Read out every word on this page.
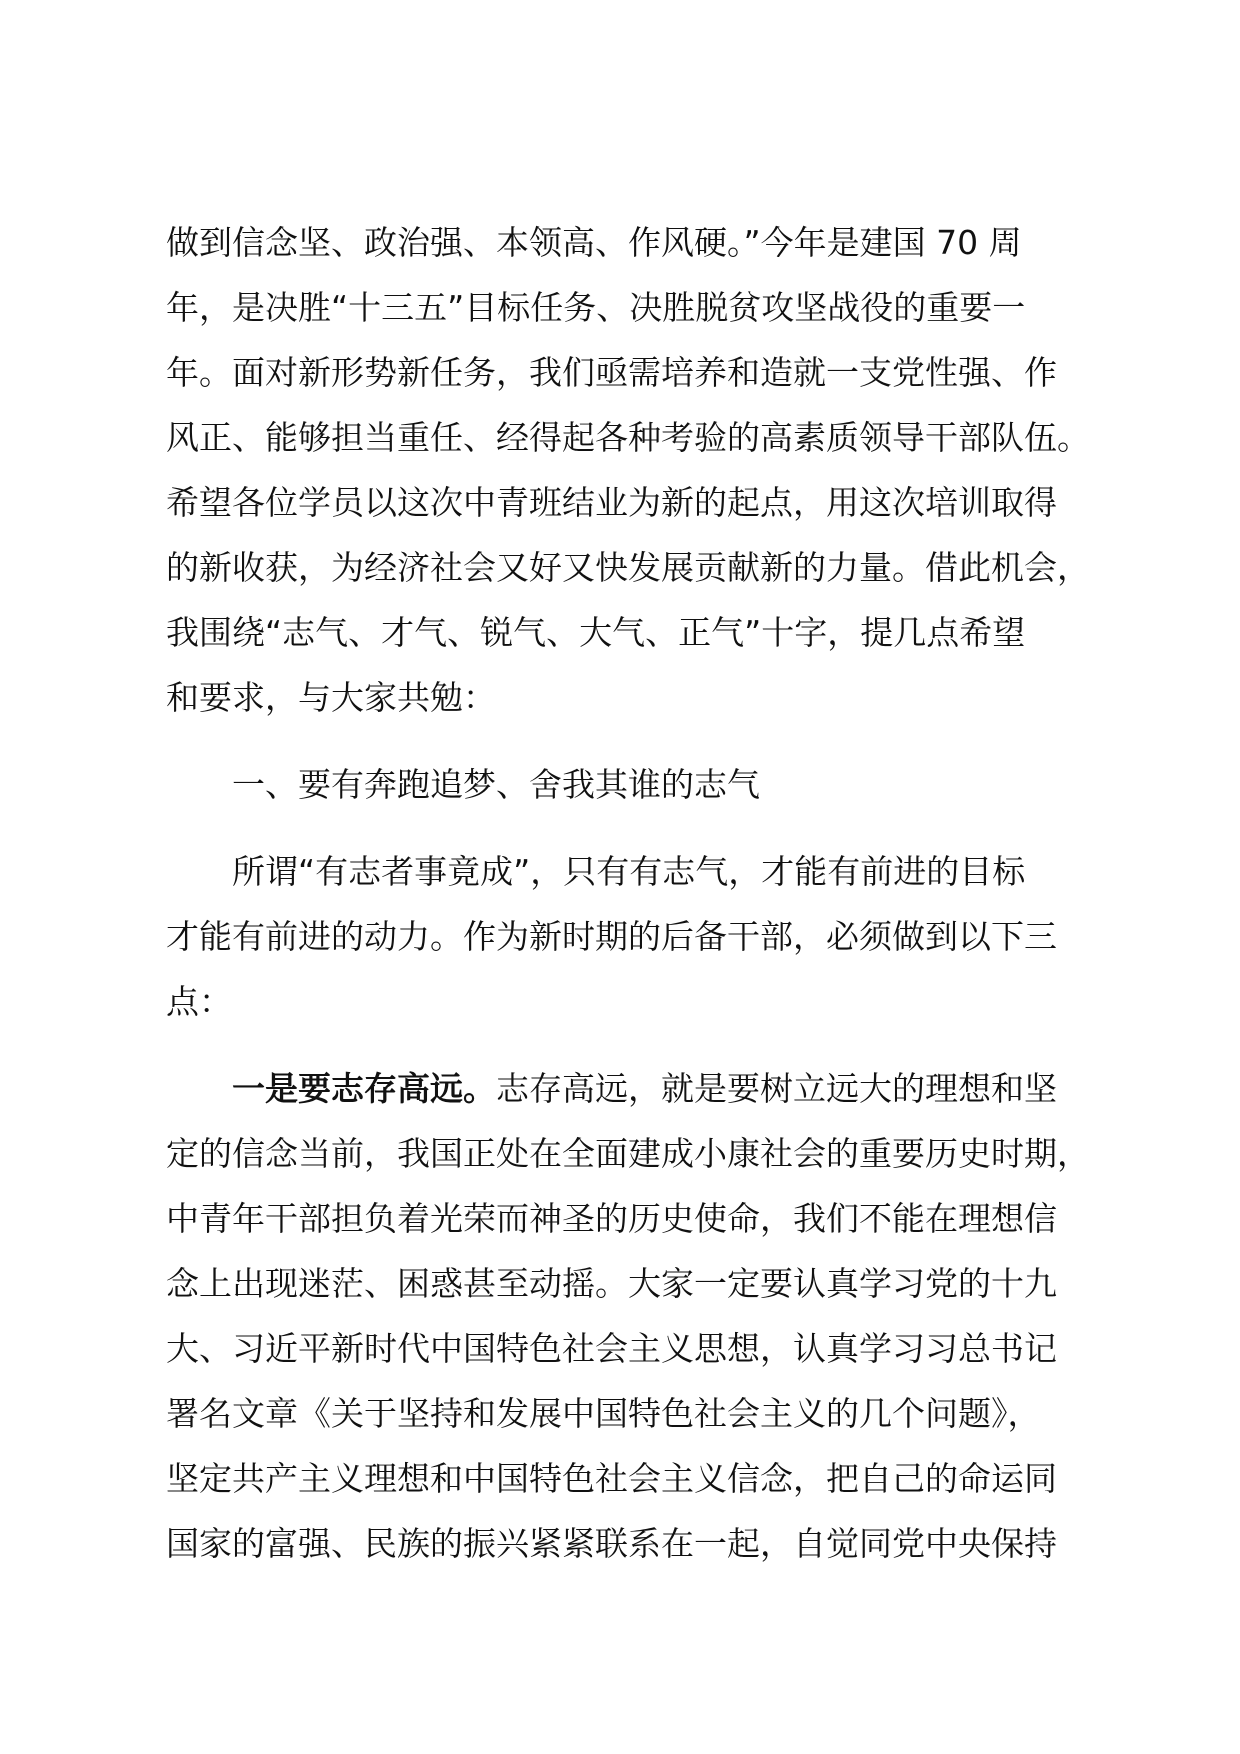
做到信念坚、政治强、本领高、作风硬。”今年是建国 70 周
年，是决胜“十三五”目标任务、决胜脱贫攻坚战役的重要一
年。面对新形势新任务，我们亟需培养和造就一支党性强、作
风正、能够担当重任、经得起各种考验的高素质领导干部队伍。
希望各位学员以这次中青班结业为新的起点，用这次培训取得
的新收获，为经济社会又好又快发展贡献新的力量。借此机会，
我围绕“志气、才气、锐气、大气、正气”十字，提几点希望
和要求，与大家共勉：
一、要有奔跑追梦、舍我其谁的志气
所谓“有志者事竟成”，只有有志气，才能有前进的目标
才能有前进的动力。作为新时期的后备干部，必须做到以下三
点：
一是要志存高远。 志存高远，就是要树立远大的理想和坚
定的信念当前，我国正处在全面建成小康社会的重要历史时期，
中青年干部担负着光荣而神圣的历史使命，我们不能在理想信
念上出现迷茫、困惑甚至动摇。大家一定要认真学习党的十九
大、习近平新时代中国特色社会主义思想，认真学习习总书记
署名文章《关于坚持和发展中国特色社会主义的几个问题》，
坚定共产主义理想和中国特色社会主义信念，把自己的命运同
国家的富强、民族的振兴紧紧联系在一起，自觉同党中央保持
